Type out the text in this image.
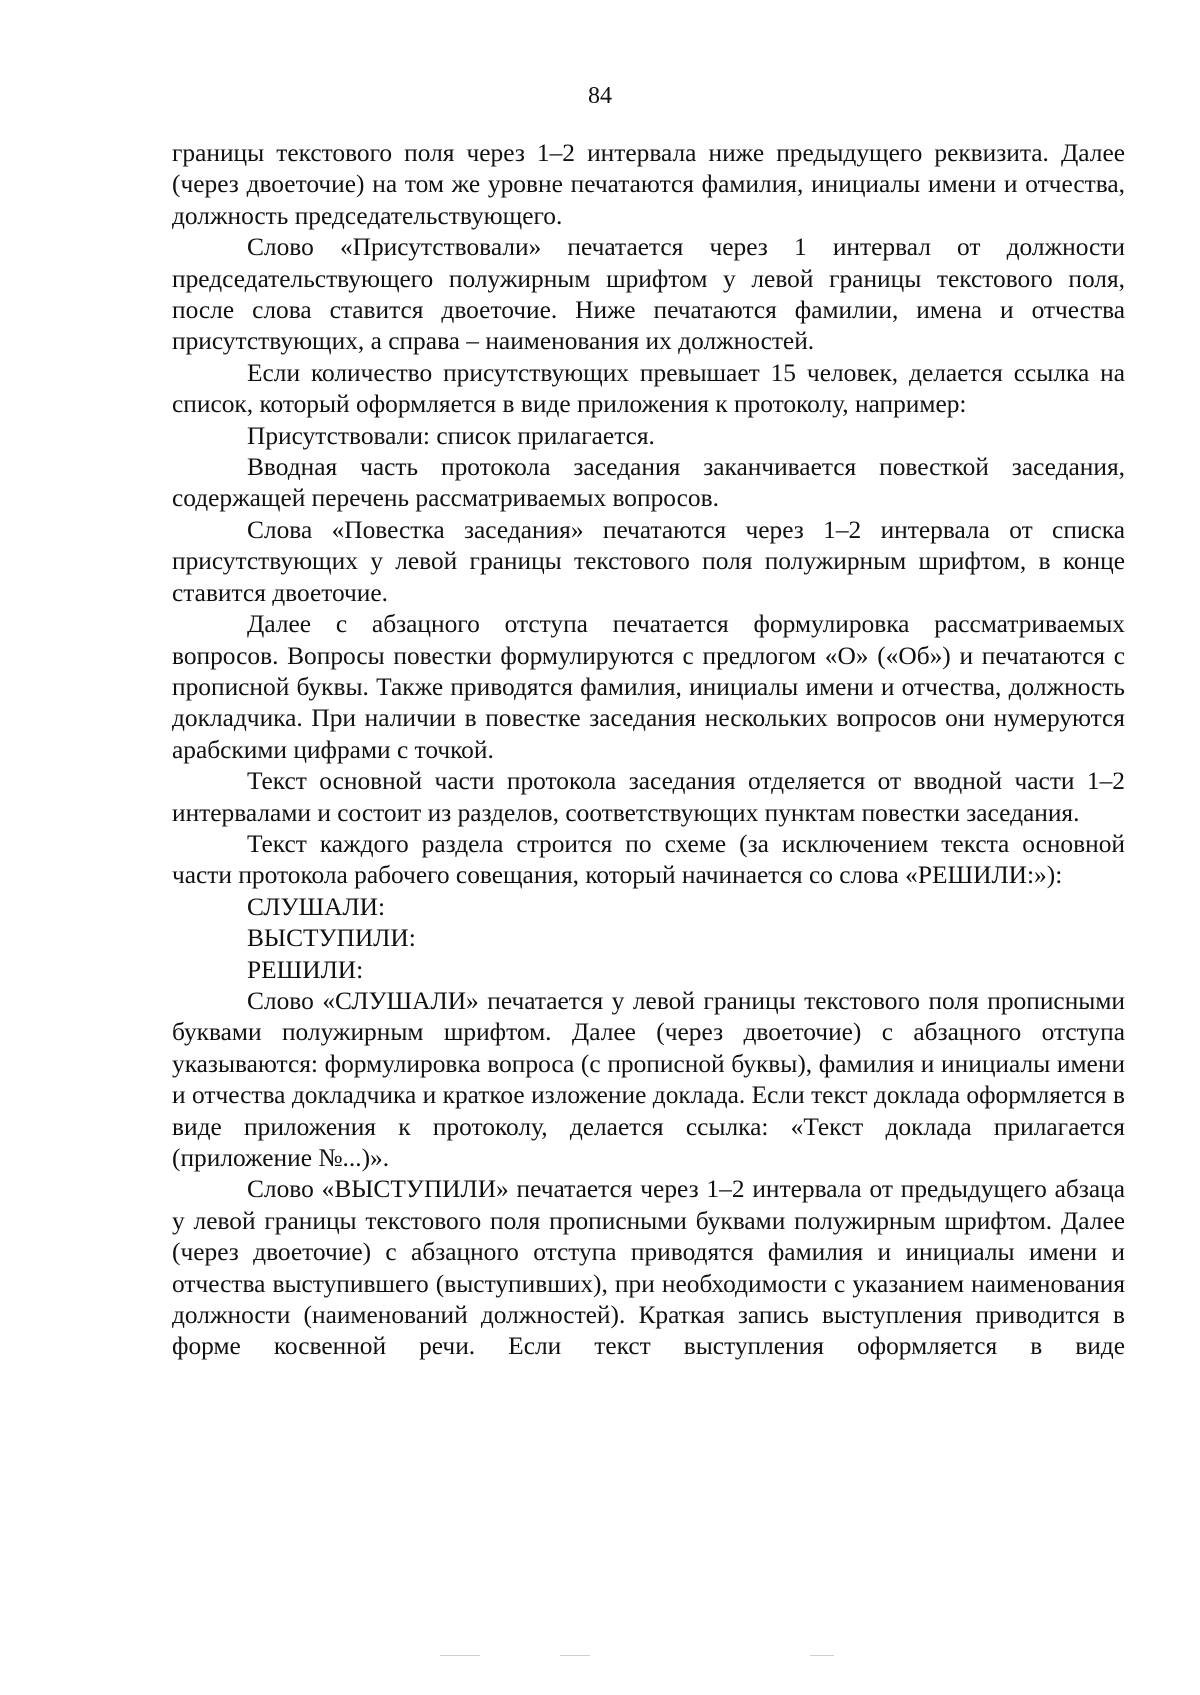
84

границы текстового поля через 1–2 интервала ниже предыдущего реквизита. Далее (через двоеточие) на том же уровне печатаются фамилия, инициалы имени и отчества, должность председательствующего.

Слово «Присутствовали» печатается через 1 интервал от должности председательствующего полужирным шрифтом у левой границы текстового поля, после слова ставится двоеточие. Ниже печатаются фамилии, имена и отчества присутствующих, а справа – наименования их должностей.

Если количество присутствующих превышает 15 человек, делается ссылка на список, который оформляется в виде приложения к протоколу, например:

Присутствовали: список прилагается.

Вводная часть протокола заседания заканчивается повесткой заседания, содержащей перечень рассматриваемых вопросов.

Слова «Повестка заседания» печатаются через 1–2 интервала от списка присутствующих у левой границы текстового поля полужирным шрифтом, в конце ставится двоеточие.

Далее с абзацного отступа печатается формулировка рассматриваемых вопросов. Вопросы повестки формулируются с предлогом «О» («Об») и печатаются с прописной буквы. Также приводятся фамилия, инициалы имени и отчества, должность докладчика. При наличии в повестке заседания нескольких вопросов они нумеруются арабскими цифрами с точкой.

Текст основной части протокола заседания отделяется от вводной части 1–2 интервалами и состоит из разделов, соответствующих пунктам повестки заседания.

Текст каждого раздела строится по схеме (за исключением текста основной части протокола рабочего совещания, который начинается со слова «РЕШИЛИ:»):

СЛУШАЛИ:

ВЫСТУПИЛИ:

РЕШИЛИ:

Слово «СЛУШАЛИ» печатается у левой границы текстового поля прописными буквами полужирным шрифтом. Далее (через двоеточие) с абзацного отступа указываются: формулировка вопроса (с прописной буквы), фамилия и инициалы имени и отчества докладчика и краткое изложение доклада. Если текст доклада оформляется в виде приложения к протоколу, делается ссылка: «Текст доклада прилагается (приложение №...)».

Слово «ВЫСТУПИЛИ» печатается через 1–2 интервала от предыдущего абзаца у левой границы текстового поля прописными буквами полужирным шрифтом. Далее (через двоеточие) с абзацного отступа приводятся фамилия и инициалы имени и отчества выступившего (выступивших), при необходимости с указанием наименования должности (наименований должностей). Краткая запись выступления приводится в форме косвенной речи. Если текст выступления оформляется в виде
